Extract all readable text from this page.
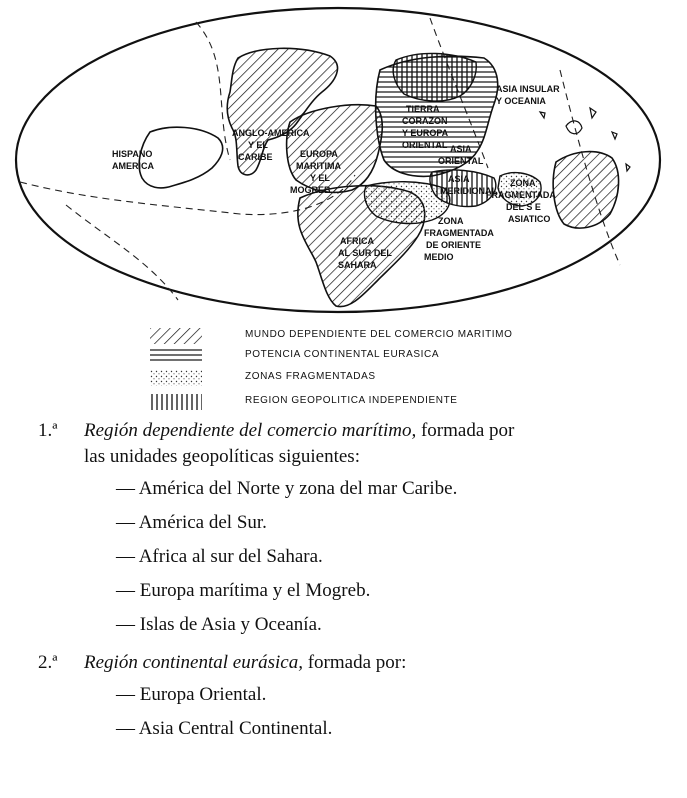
ASIA INSULAR Y OCEANIA
TIERRA CORAZON Y EUROPA ORIENTAL
HISPANO AMERICA
ANGLO-AMERICA Y EL CARIBE	EUROPA MARITIMA Y EL MOGREB
ASIA ORIENTAL
ASIA MERIDIONAL
ZONA FRAGMENTADA DEL S E ASIATICO
ZONA FRAGMENTADA DE ORIENTE MEDIO
AFRICA AL SUR DEL SAHARA
MUNDO DEPENDIENTE DEL COMERCIO MARITIMO
POTENCIA CONTINENTAL EURASICA
ZONAS FRAGMENTADAS
REGION GEOPOLITICA INDEPENDIENTE
1.ª Región dependiente del comercio marítimo, formada por
las unidades geopolíticas siguientes:
— América del Norte y zona del mar Caribe.
— América del Sur.
— Africa al sur del Sahara.
— Europa marítima y el Mogreb.
— Islas de Asia y Oceanía.
2.ª Región continental eurásica, formada por:
— Europa Oriental.
— Asia Central Continental.
